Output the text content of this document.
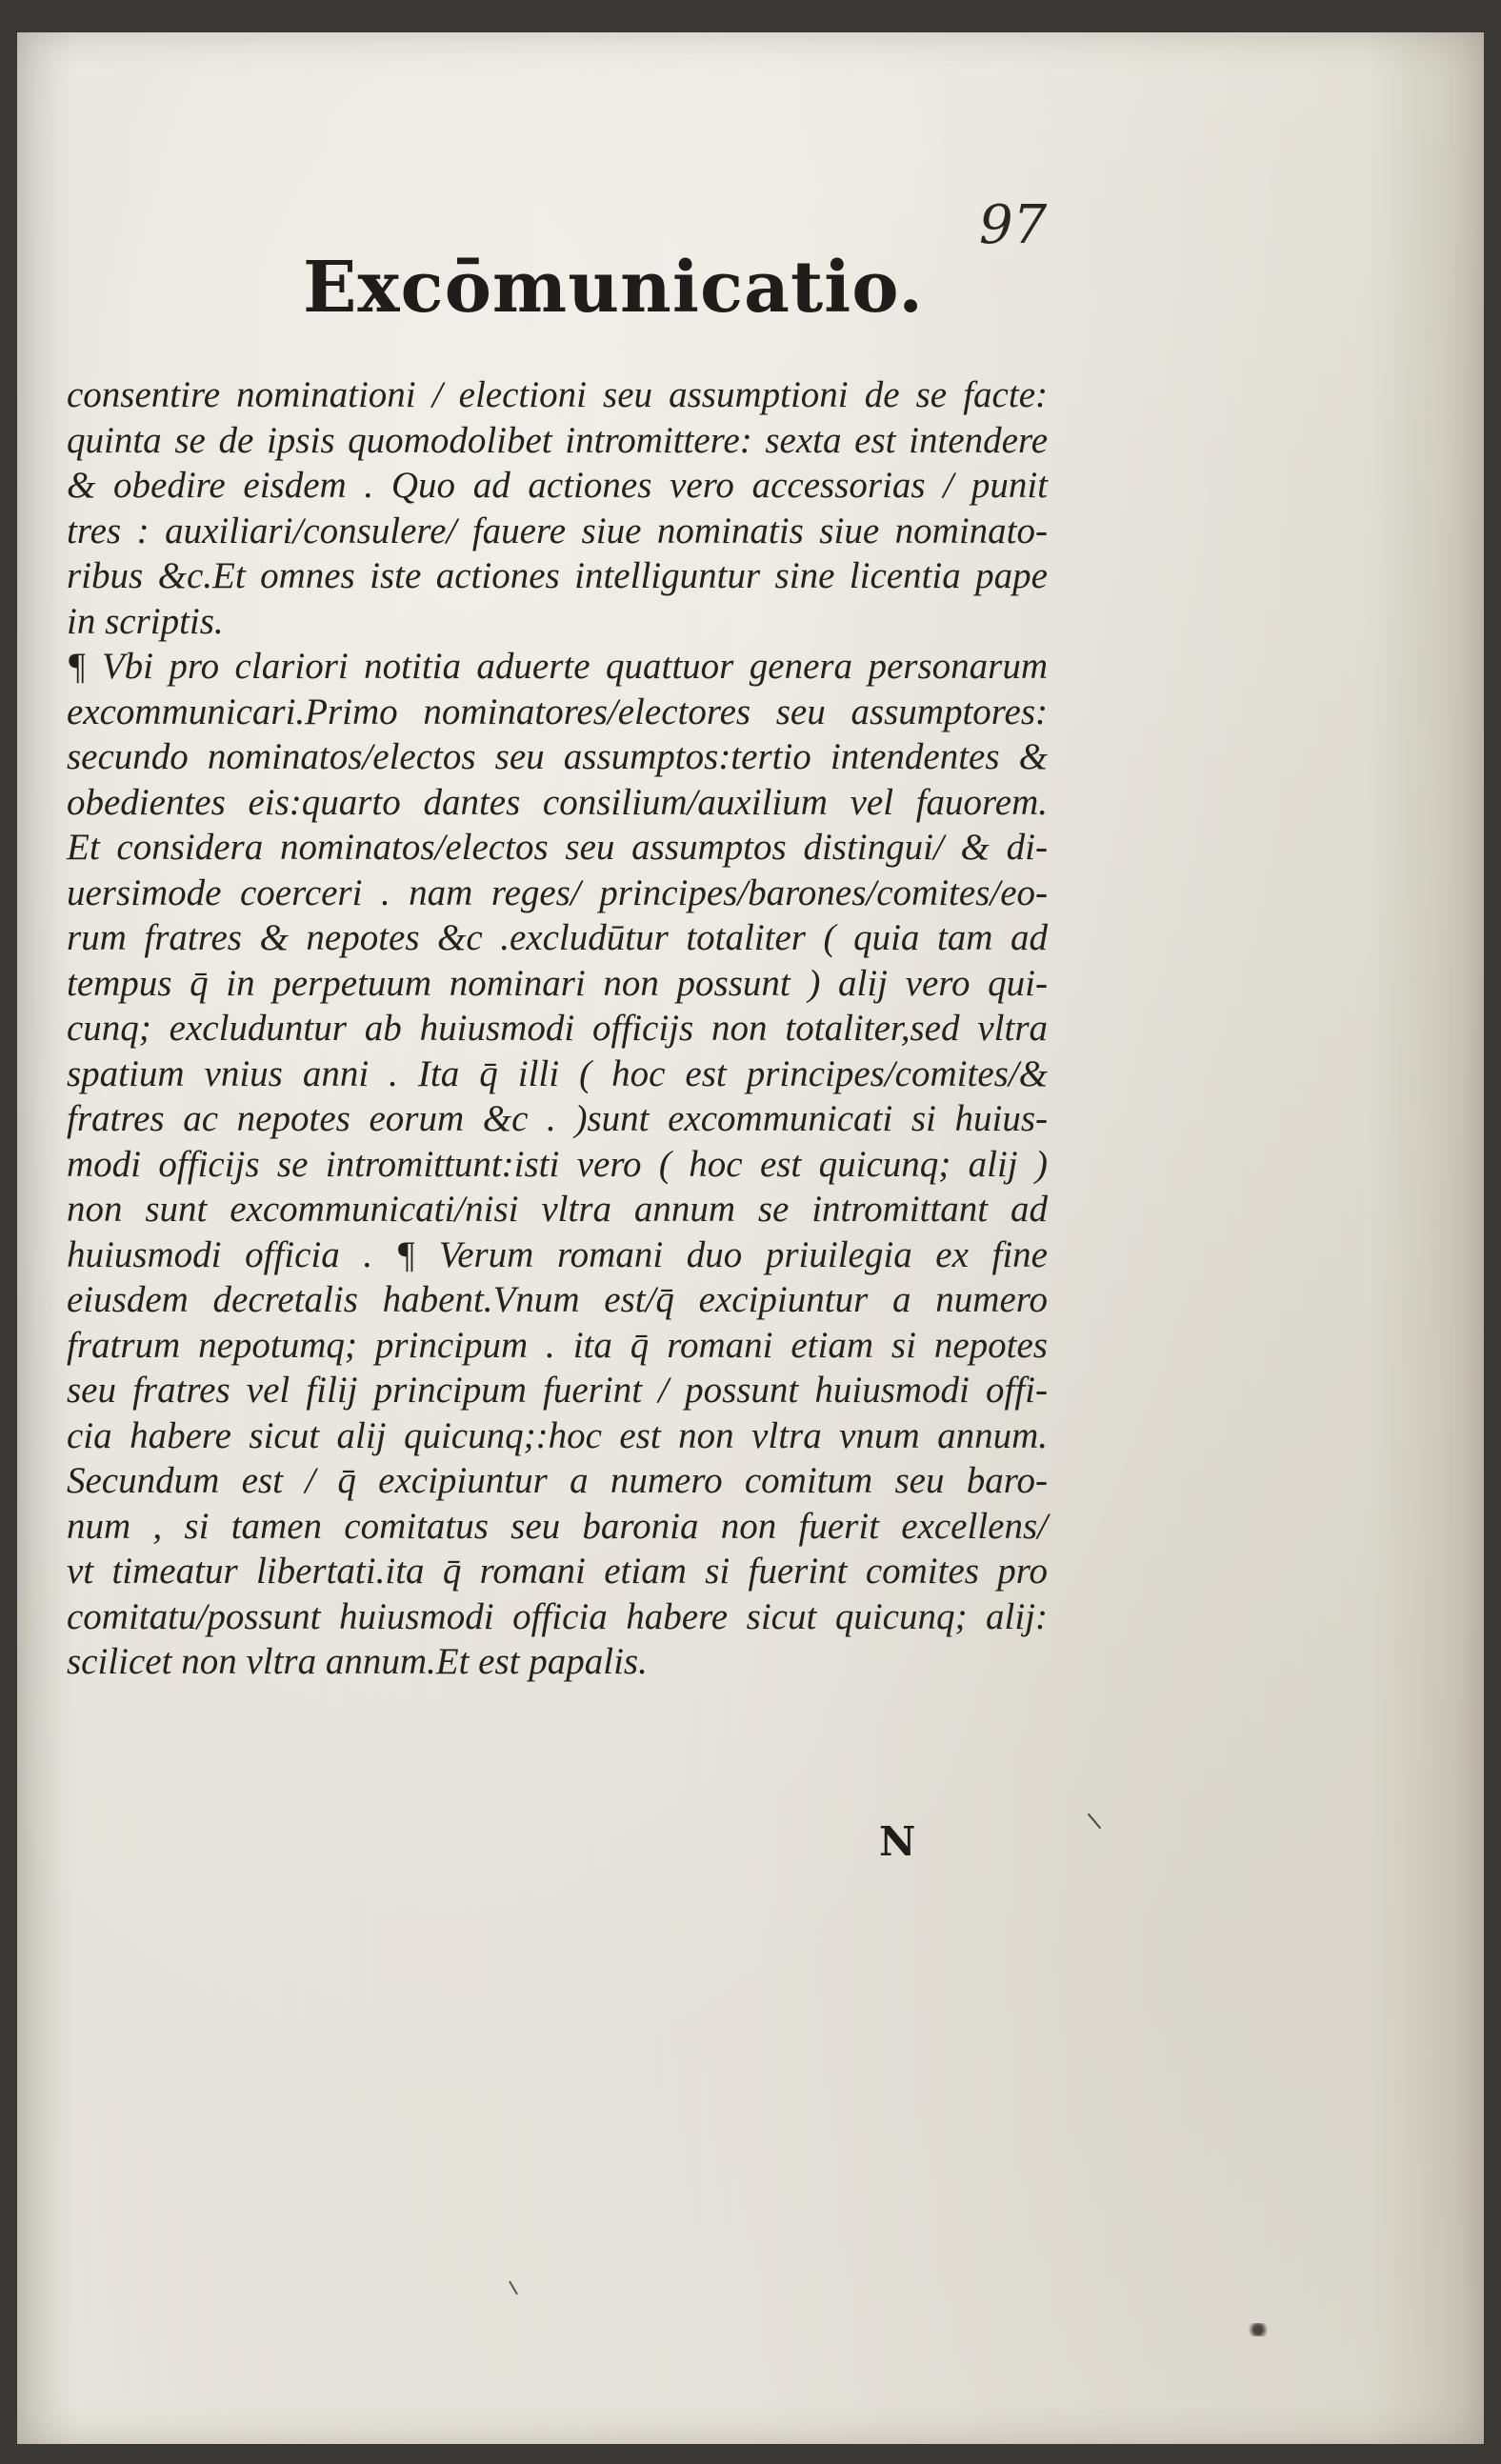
97
Excōmunicatio.
consentire nominationi / electioni seu assumptioni de se facte:
quinta se de ipsis quomodolibet intromittere: sexta est intendere
& obedire eisdem . Quo ad actiones vero accessorias / punit
tres : auxiliari/consulere/ fauere siue nominatis siue nominato-
ribus &c.Et omnes iste actiones intelliguntur sine licentia pape
in scriptis.
¶ Vbi pro clariori notitia aduerte quattuor genera personarum
excommunicari.Primo nominatores/electores seu assumptores:
secundo nominatos/electos seu assumptos:tertio intendentes &
obedientes eis:quarto dantes consilium/auxilium vel fauorem.
Et considera nominatos/electos seu assumptos distingui/ & di-
uersimode coerceri . nam reges/ principes/barones/comites/eo-
rum fratres & nepotes &c .excludūtur totaliter ( quia tam ad
tempus q̄ in perpetuum nominari non possunt ) alij vero qui-
cunq; excluduntur ab huiusmodi officijs non totaliter,sed vltra
spatium vnius anni . Ita q̄ illi ( hoc est principes/comites/&
fratres ac nepotes eorum &c . )sunt excommunicati si huius-
modi officijs se intromittunt:isti vero ( hoc est quicunq; alij )
non sunt excommunicati/nisi vltra annum se intromittant ad
huiusmodi officia . ¶ Verum romani duo priuilegia ex fine
eiusdem decretalis habent.Vnum est/q̄ excipiuntur a numero
fratrum nepotumq; principum . ita q̄ romani etiam si nepotes
seu fratres vel filij principum fuerint / possunt huiusmodi offi-
cia habere sicut alij quicunq;:hoc est non vltra vnum annum.
Secundum est / q̄ excipiuntur a numero comitum seu baro-
num , si tamen comitatus seu baronia non fuerit excellens/
vt timeatur libertati.ita q̄ romani etiam si fuerint comites pro
comitatu/possunt huiusmodi officia habere sicut quicunq; alij:
scilicet non vltra annum.Et est papalis.
N
